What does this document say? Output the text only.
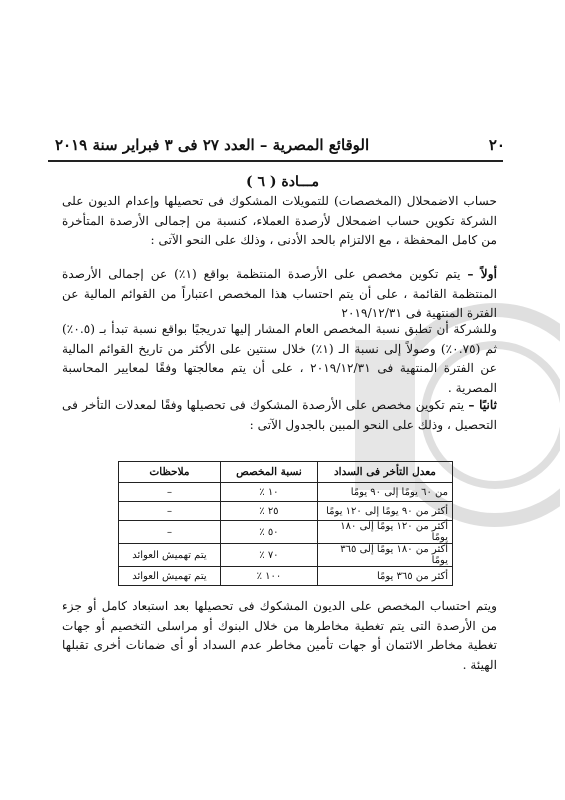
٢٠
الوقائع المصرية – العدد ٢٧ فى ٣ فبراير سنة ٢٠١٩
مـــادة ( ٦ )
حساب الاضمحلال (المخصصات) للتمويلات المشكوك فى تحصيلها وإعدام الديون على الشركة تكوين حساب اضمحلال لأرصدة العملاء، كنسبة من إجمالى الأرصدة المتأخرة من كامل المحفظة ، مع الالتزام بالحد الأدنى ، وذلك على النحو الآتى :
أولاً – يتم تكوين مخصص على الأرصدة المنتظمة بواقع (١٪) عن إجمالى الأرصدة المنتظمة القائمة ، على أن يتم احتساب هذا المخصص اعتباراً من القوائم المالية عن الفترة المنتهية فى ٢٠١٩/١٢/٣١
وللشركة أن تطبق نسبة المخصص العام المشار إليها تدريجيًا بواقع نسبة تبدأ بـ (٠.٥٪) ثم (٠.٧٥٪) وصولاً إلى نسبة الـ (١٪) خلال سنتين على الأكثر من تاريخ القوائم المالية عن الفترة المنتهية فى ٢٠١٩/١٢/٣١ ، على أن يتم معالجتها وفقًا لمعايير المحاسبة المصرية .
ثانيًا – يتم تكوين مخصص على الأرصدة المشكوك فى تحصيلها وفقًا لمعدلات التأخر فى التحصيل ، وذلك على النحو المبين بالجدول الآتى :
معدل التأخر فى السداد	نسبة المخصص	ملاحظات
من ٦٠ يومًا إلى ٩٠ يومًا	١٠ ٪	–
أكثر من ٩٠ يومًا إلى ١٢٠ يومًا	٢٥ ٪	–
أكثر من ١٢٠ يومًا إلى ١٨٠ يومًا	٥٠ ٪	–
أكثر من ١٨٠ يومًا إلى ٣٦٥ يومًا	٧٠ ٪	يتم تهميش العوائد
أكثر من ٣٦٥ يومًا	١٠٠ ٪	يتم تهميش العوائد
ويتم احتساب المخصص على الديون المشكوك فى تحصيلها بعد استبعاد كامل أو جزء من الأرصدة التى يتم تغطية مخاطرها من خلال البنوك أو مراسلى التخصيم أو جهات تغطية مخاطر الائتمان أو جهات تأمين مخاطر عدم السداد أو أى ضمانات أخرى تقبلها الهيئة .
